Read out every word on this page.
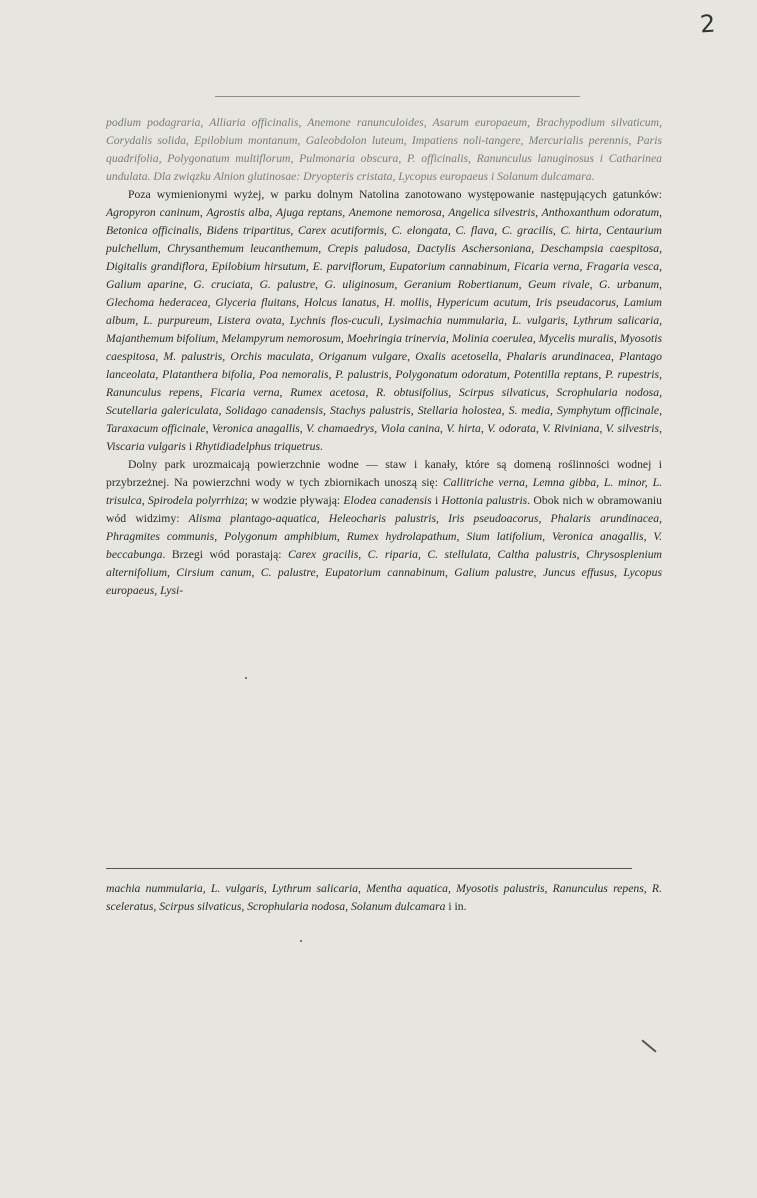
2

podium podagraria, Alliaria officinalis, Anemone ranunculoides, Asarum europaeum, Brachypodium silvaticum, Corydalis solida, Epilobium montanum, Galeobdolon luteum, Impatiens noli-tangere, Mercurialis perennis, Paris quadrifolia, Polygonatum multiflorum, Pulmonaria obscura, P. officinalis, Ranunculus lanuginosus i Catharinea undulata. Dla związku Alnion glutinosae: Dryopteris cristata, Lycopus europaeus i Solanum dulcamara.

Poza wymienionymi wyżej, w parku dolnym Natolina zanotowano występowanie następujących gatunków: Agropyron caninum, Agrostis alba, Ajuga reptans, Anemone nemorosa, Angelica silvestris, Anthoxanthum odoratum, Betonica officinalis, Bidens tripartitus, Carex acutiformis, C. elongata, C. flava, C. gracilis, C. hirta, Centaurium pulchellum, Chrysanthemum leucanthemum, Crepis paludosa, Dactylis Aschersoniana, Deschampsia caespitosa, Digitalis grandiflora, Epilobium hirsutum, E. parviflorum, Eupatorium cannabinum, Ficaria verna, Fragaria vesca, Galium aparine, G. cruciata, G. palustre, G. uliginosum, Geranium Robertianum, Geum rivale, G. urbanum, Glechoma hederacea, Glyceria fluitans, Holcus lanatus, H. mollis, Hypericum acutum, Iris pseudacorus, Lamium album, L. purpureum, Listera ovata, Lychnis flos-cuculi, Lysimachia nummularia, L. vulgaris, Lythrum salicaria, Majanthemum bifolium, Melampyrum nemorosum, Moehringia trinervia, Molinia coerulea, Mycelis muralis, Myosotis caespitosa, M. palustris, Orchis maculata, Origanum vulgare, Oxalis acetosella, Phalaris arundinacea, Plantago lanceolata, Platanthera bifolia, Poa nemoralis, P. palustris, Polygonatum odoratum, Potentilla reptans, P. rupestris, Ranunculus repens, Ficaria verna, Rumex acetosa, R. obtusifolius, Scirpus silvaticus, Scrophularia nodosa, Scutellaria galericulata, Solidago canadensis, Stachys palustris, Stellaria holostea, S. media, Symphytum officinale, Taraxacum officinale, Veronica anagallis, V. chamaedrys, Viola canina, V. hirta, V. odorata, V. Riviniana, V. silvestris, Viscaria vulgaris i Rhytidiadelphus triquetrus.

Dolny park urozmaicają powierzchnie wodne — staw i kanały, które są domeną roślinności wodnej i przybrzeżnej. Na powierzchni wody w tych zbiornikach unoszą się: Callitriche verna, Lemna gibba, L. minor, L. trisulca, Spirodela polyrrhiza; w wodzie pływają: Elodea canadensis i Hottonia palustris. Obok nich w obramowaniu wód widzimy: Alisma plantago-aquatica, Heleocharis palustris, Iris pseudoacorus, Phalaris arundinacea, Phragmites communis, Polygonum amphibium, Rumex hydrolapathum, Sium latifolium, Veronica anagallis, V. beccabunga. Brzegi wód porastają: Carex gracilis, C. riparia, C. stellulata, Caltha palustris, Chrysosplenium alternifolium, Cirsium canum, C. palustre, Eupatorium cannabinum, Galium palustre, Juncus effusus, Lycopus europaeus, Lysi-

machia nummularia, L. vulgaris, Lythrum salicaria, Mentha aquatica, Myosotis palustris, Ranunculus repens, R. sceleratus, Scirpus silvaticus, Scrophularia nodosa, Solanum dulcamara i in.
